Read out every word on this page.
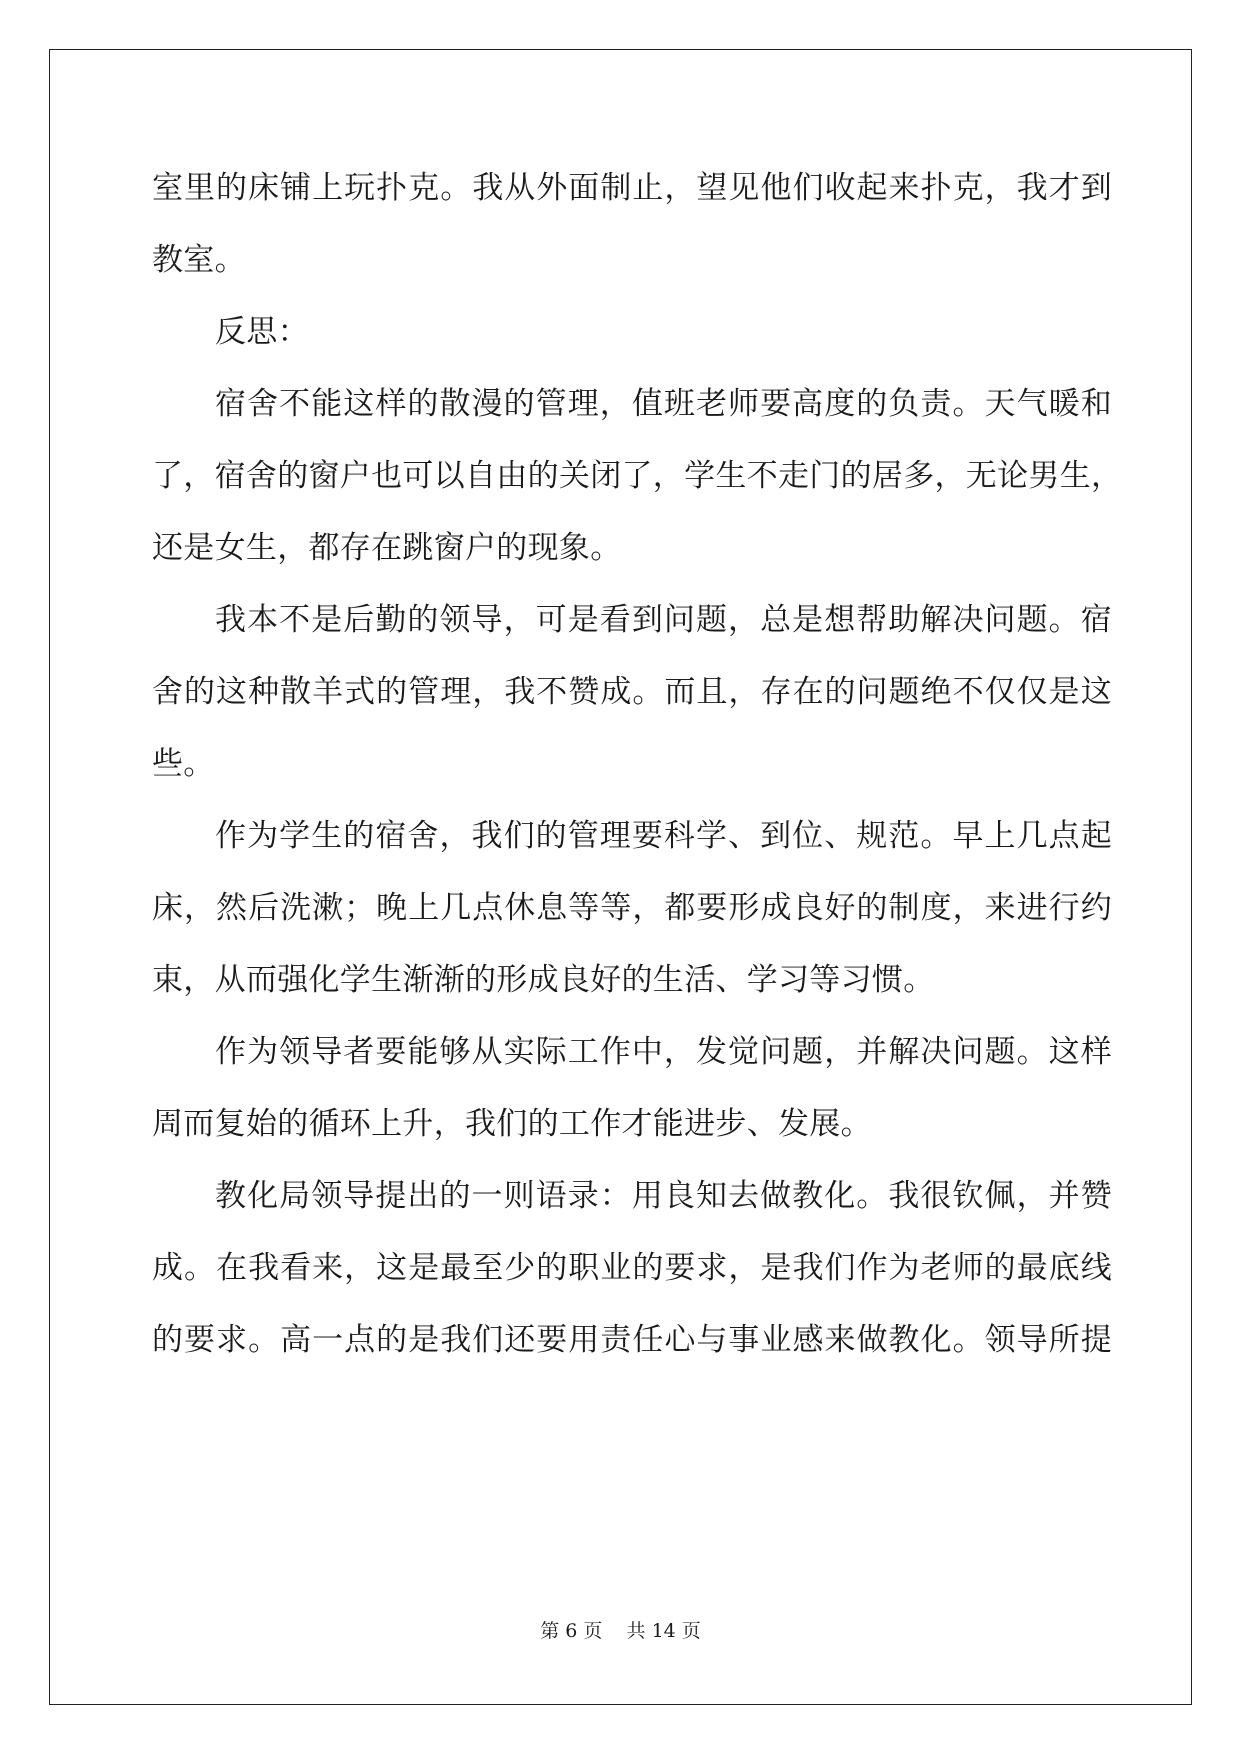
室里的床铺上玩扑克。我从外面制止，望见他们收起来扑克，我才到
教室。
反思：
宿舍不能这样的散漫的管理，值班老师要高度的负责。天气暖和
了，宿舍的窗户也可以自由的关闭了，学生不走门的居多，无论男生，
还是女生，都存在跳窗户的现象。
我本不是后勤的领导，可是看到问题，总是想帮助解决问题。宿
舍的这种散羊式的管理，我不赞成。而且，存在的问题绝不仅仅是这
些。
作为学生的宿舍，我们的管理要科学、到位、规范。早上几点起
床，然后洗漱；晚上几点休息等等，都要形成良好的制度，来进行约
束，从而强化学生渐渐的形成良好的生活、学习等习惯。
作为领导者要能够从实际工作中，发觉问题，并解决问题。这样
周而复始的循环上升，我们的工作才能进步、发展。
教化局领导提出的一则语录：用良知去做教化。我很钦佩，并赞
成。在我看来，这是最至少的职业的要求，是我们作为老师的最底线
的要求。高一点的是我们还要用责任心与事业感来做教化。领导所提
第 6 页    共 14 页
